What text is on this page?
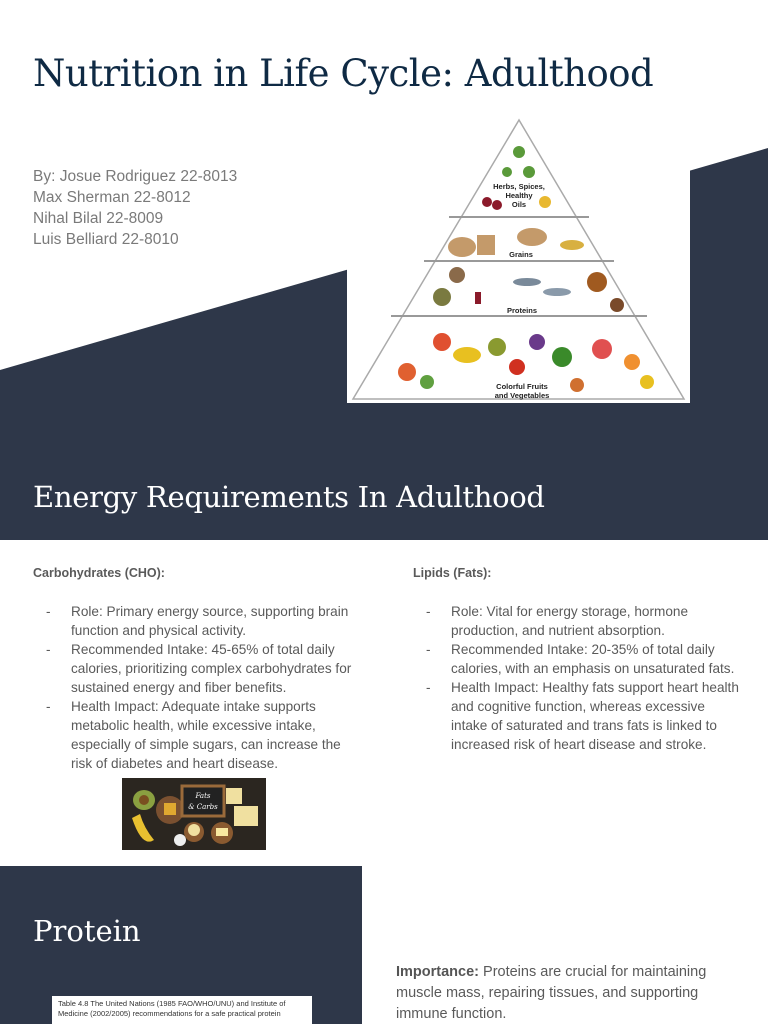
Nutrition in Life Cycle: Adulthood
By: Josue Rodriguez 22-8013
Max Sherman 22-8012
Nihal Bilal 22-8009
Luis Belliard 22-8010
Herbs, Spices, Healthy Oils
Grains
Proteins
Colorful Fruits and Vegetables
Energy Requirements In Adulthood
Carbohydrates (CHO):
- Role: Primary energy source, supporting brain function and physical activity.
- Recommended Intake: 45-65% of total daily calories, prioritizing complex carbohydrates for sustained energy and fiber benefits.
- Health Impact: Adequate intake supports metabolic health, while excessive intake, especially of simple sugars, can increase the risk of diabetes and heart disease.
Lipids (Fats):
- Role: Vital for energy storage, hormone production, and nutrient absorption.
- Recommended Intake: 20-35% of total daily calories, with an emphasis on unsaturated fats.
- Health Impact: Healthy fats support heart health and cognitive function, whereas excessive intake of saturated and trans fats is linked to increased risk of heart disease and stroke.
Fats
& Carbs
Protein
Table 4.8 The United Nations (1985 FAO/WHO/UNU) and Institute of Medicine (2002/2005) recommendations for a safe practical protein
Importance: Proteins are crucial for maintaining muscle mass, repairing tissues, and supporting immune function.
